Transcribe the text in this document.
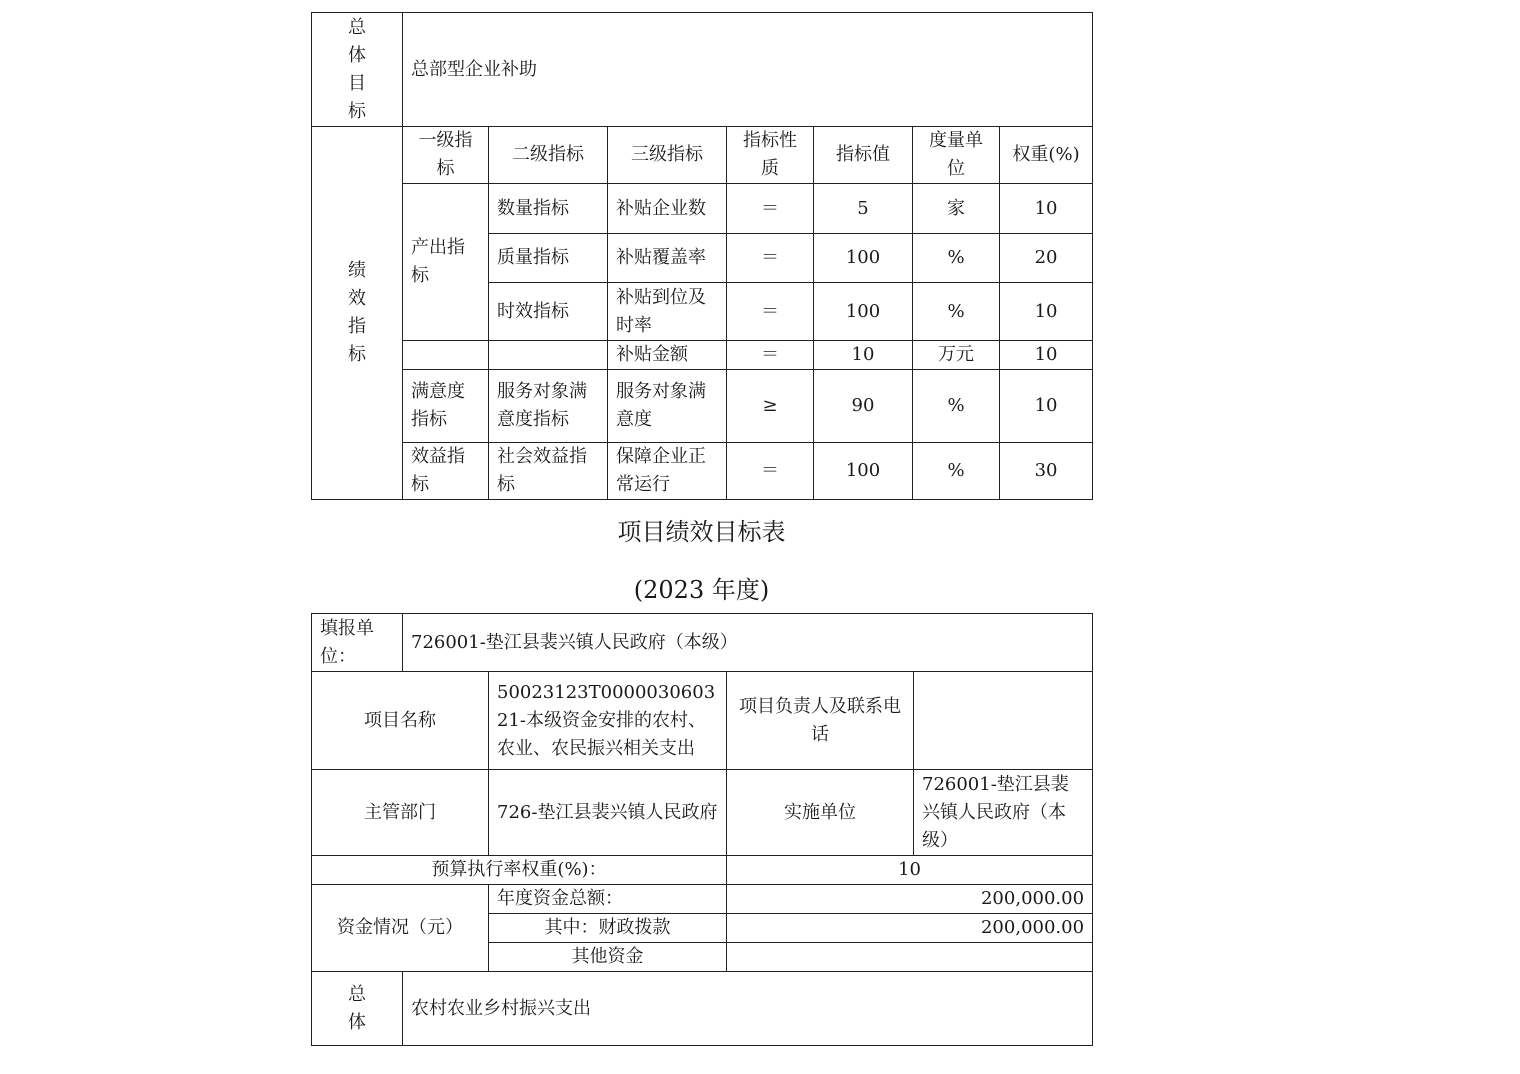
总
体
目
标	总部型企业补助						

绩
效
指
标	一级指标	二级指标	三级指标	指标性质	指标值	度量单位	权重(%)
	产出指标	数量指标	补贴企业数	＝	5	家	10
		质量指标	补贴覆盖率	＝	100	%	20
		时效指标	补贴到位及时率	＝	100	%	10
			补贴金额	＝	10	万元	10
	满意度指标	服务对象满意度指标	服务对象满意度	≥	90	%	10
	效益指标	社会效益指标	保障企业正常运行	＝	100	%	30
项目绩效目标表
(2023 年度)
填报单位：	726001-垫江县裴兴镇人民政府（本级）			
项目名称		50023123T000003060321-本级资金安排的农村、农业、农民振兴相关支出	项目负责人及联系电话	
主管部门		726-垫江县裴兴镇人民政府	实施单位	726001-垫江县裴兴镇人民政府（本级）
预算执行率权重(%)：			10	
资金情况（元）		年度资金总额：	200,000.00	
		其中：财政拨款	200,000.00	
		其他资金		

总
体	农村农业乡村振兴支出			
